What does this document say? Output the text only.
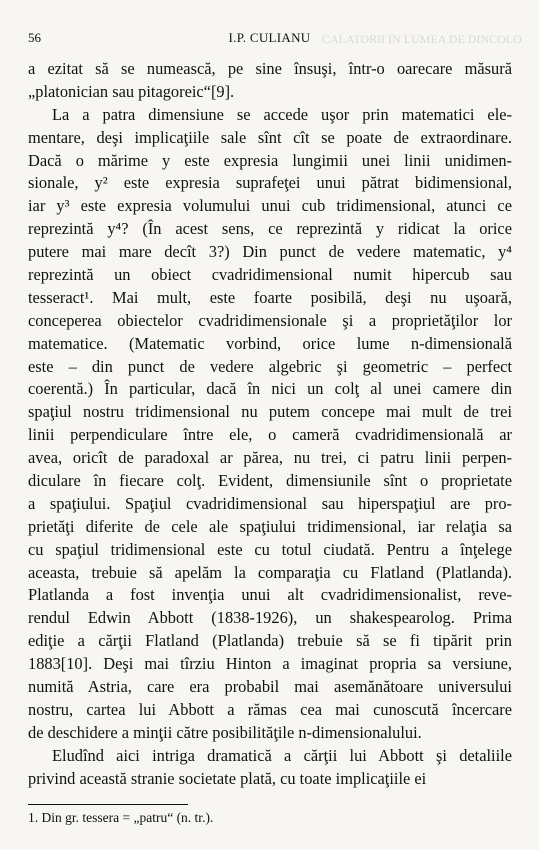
56	I.P. CULIANU CALATORII IN LUMEA DE DINCOLO
a ezitat să se numească, pe sine însuşi, într-o oarecare măsură
„platonician sau pitagoreic“[9].
La a patra dimensiune se accede uşor prin matematici ele-
mentare, deşi implicaţiile sale sînt cît se poate de extraordinare.
Dacă o mărime y este expresia lungimii unei linii unidimen-
sionale, y² este expresia suprafeţei unui pătrat bidimensional,
iar y³ este expresia volumului unui cub tridimensional, atunci ce
reprezintă y⁴? (În acest sens, ce reprezintă y ridicat la orice
putere mai mare decît 3?) Din punct de vedere matematic, y⁴
reprezintă un obiect cvadridimensional numit hipercub sau
tesseract¹. Mai mult, este foarte posibilă, deşi nu uşoară,
conceperea obiectelor cvadridimensionale şi a proprietăţilor lor
matematice. (Matematic vorbind, orice lume n-dimensională
este – din punct de vedere algebric şi geometric – perfect
coerentă.) În particular, dacă în nici un colţ al unei camere din
spaţiul nostru tridimensional nu putem concepe mai mult de trei
linii perpendiculare între ele, o cameră cvadridimensională ar
avea, oricît de paradoxal ar părea, nu trei, ci patru linii perpen-
diculare în fiecare colţ. Evident, dimensiunile sînt o proprietate
a spaţiului. Spaţiul cvadridimensional sau hiperspaţiul are pro-
prietăţi diferite de cele ale spaţiului tridimensional, iar relaţia sa
cu spaţiul tridimensional este cu totul ciudată. Pentru a înţelege
aceasta, trebuie să apelăm la comparaţia cu Flatland (Platlanda).
Platlanda a fost invenţia unui alt cvadridimensionalist, reve-
rendul Edwin Abbott (1838-1926), un shakespearolog. Prima
ediţie a cărţii Flatland (Platlanda) trebuie să se fi tipărit prin
1883[10]. Deşi mai tîrziu Hinton a imaginat propria sa versiune,
numită Astria, care era probabil mai asemănătoare universului
nostru, cartea lui Abbott a rămas cea mai cunoscută încercare
de deschidere a minţii către posibilităţile n-dimensionalului.
Eludînd aici intriga dramatică a cărţii lui Abbott şi detaliile
privind această stranie societate plată, cu toate implicaţiile ei
1. Din gr. tessera = „patru“ (n. tr.).
